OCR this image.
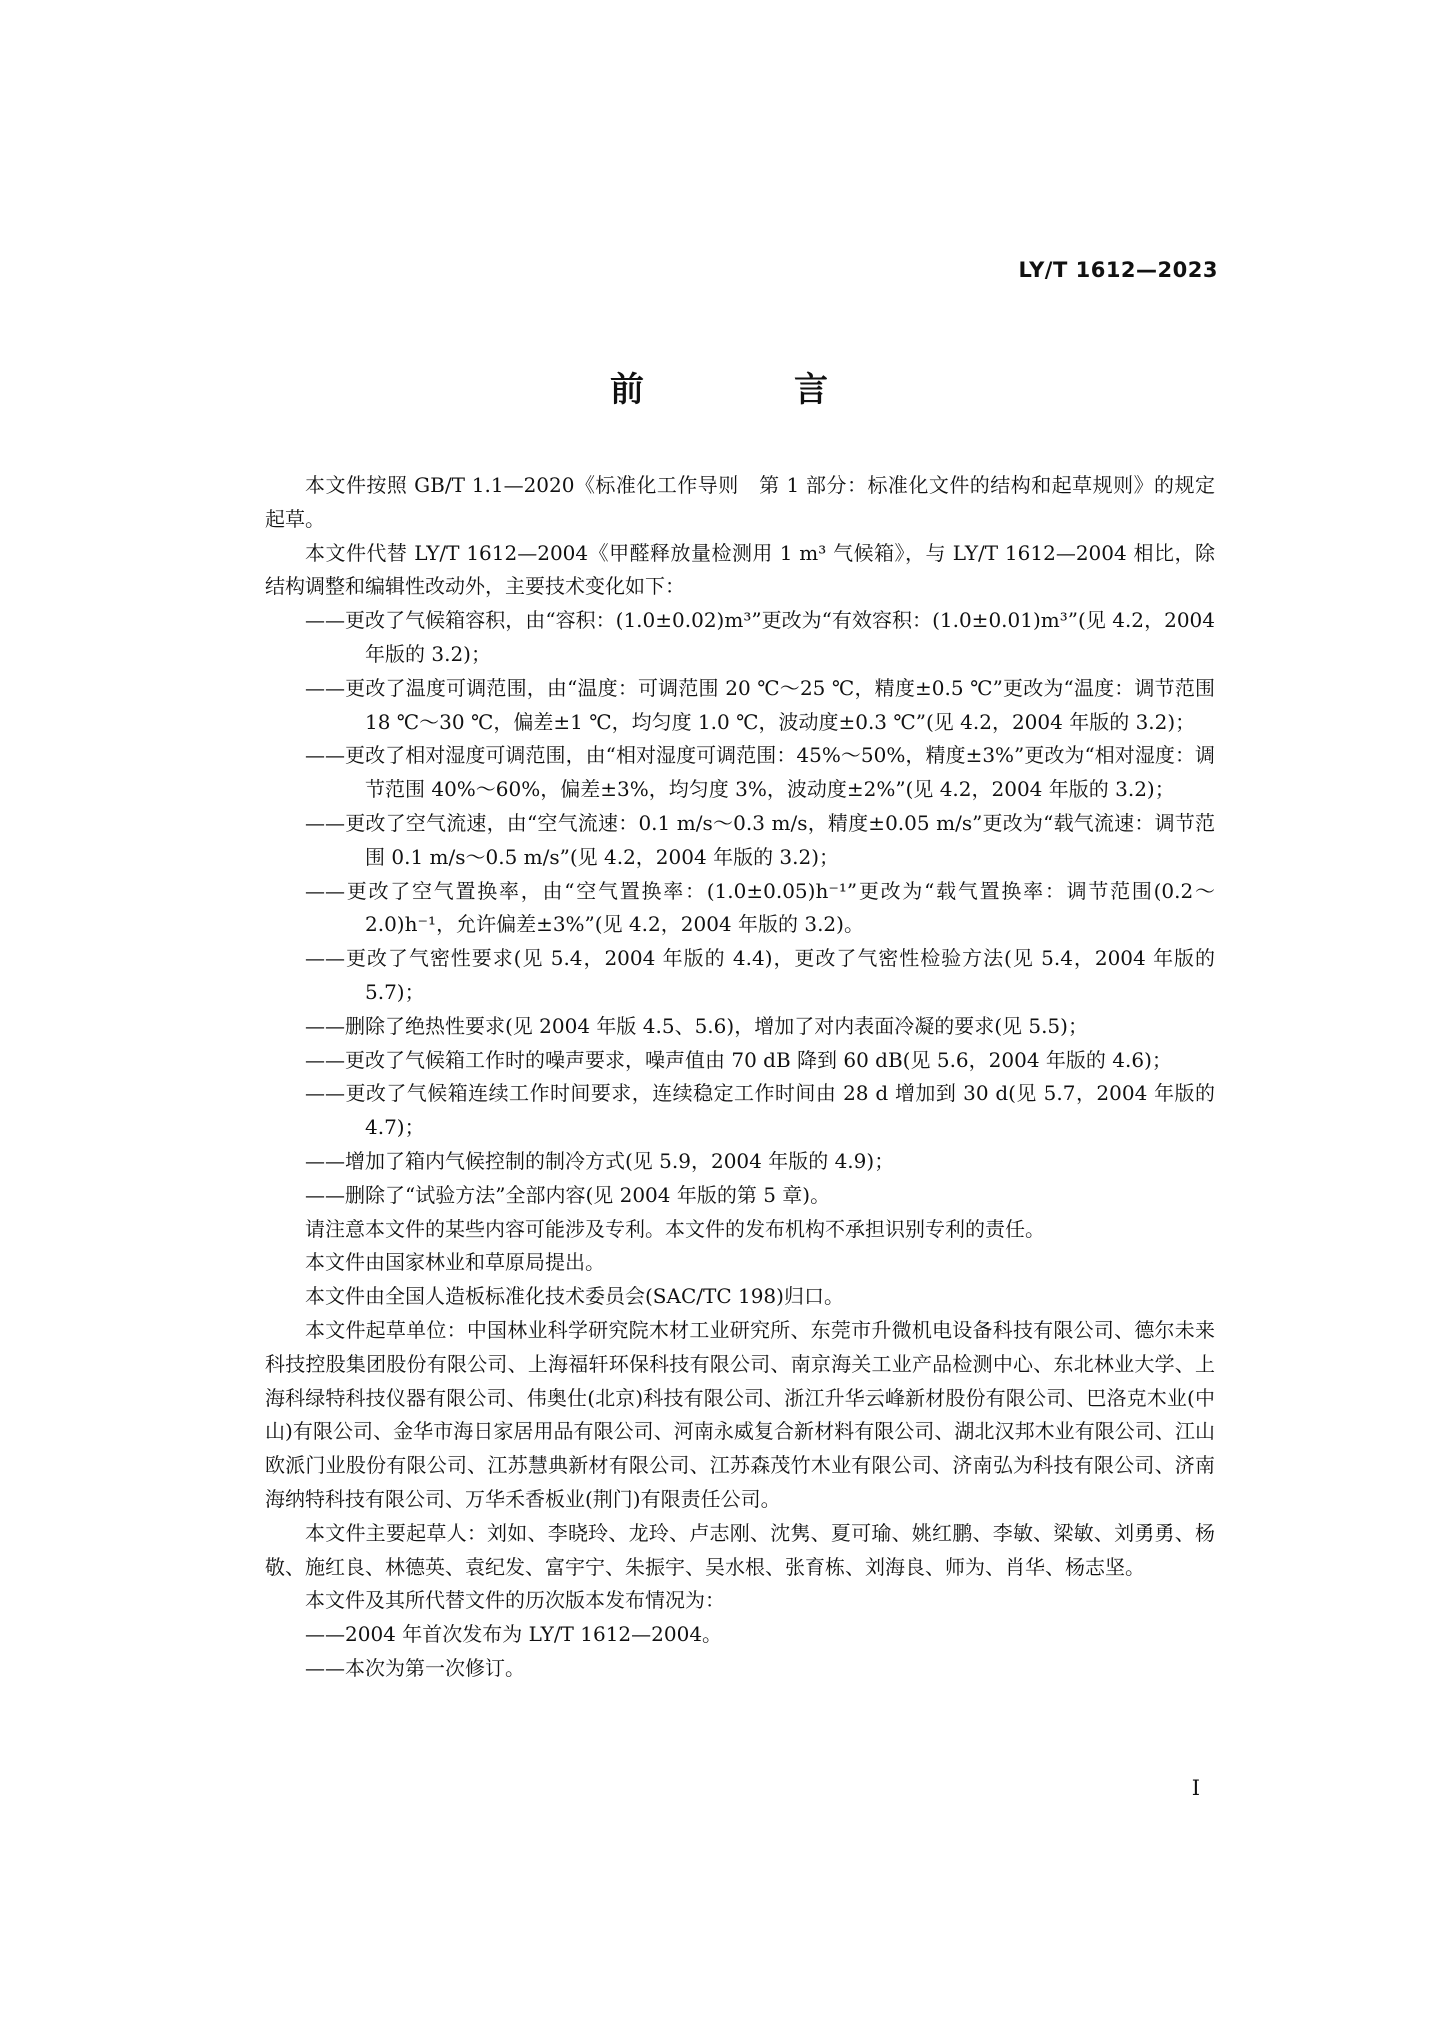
LY/T 1612—2023
前　言

本文件按照 GB/T 1.1—2020《标准化工作导则　第 1 部分：标准化文件的结构和起草规则》的规定起草。

本文件代替 LY/T 1612—2004《甲醛释放量检测用 1 m³ 气候箱》，与 LY/T 1612—2004 相比，除结构调整和编辑性改动外，主要技术变化如下：

——更改了气候箱容积，由“容积：(1.0±0.02)m³”更改为“有效容积：(1.0±0.01)m³”(见 4.2，2004 年版的 3.2)；

——更改了温度可调范围，由“温度：可调范围 20 ℃～25 ℃，精度±0.5 ℃”更改为“温度：调节范围 18 ℃～30 ℃，偏差±1 ℃，均匀度 1.0 ℃，波动度±0.3 ℃”(见 4.2，2004 年版的 3.2)；

——更改了相对湿度可调范围，由“相对湿度可调范围：45%～50%，精度±3%”更改为“相对湿度：调节范围 40%～60%，偏差±3%，均匀度 3%，波动度±2%”(见 4.2，2004 年版的 3.2)；

——更改了空气流速，由“空气流速：0.1 m/s～0.3 m/s，精度±0.05 m/s”更改为“载气流速：调节范围 0.1 m/s～0.5 m/s”(见 4.2，2004 年版的 3.2)；

——更改了空气置换率，由“空气置换率：(1.0±0.05)h⁻¹”更改为“载气置换率：调节范围(0.2～2.0)h⁻¹，允许偏差±3%”(见 4.2，2004 年版的 3.2)。

——更改了气密性要求(见 5.4，2004 年版的 4.4)，更改了气密性检验方法(见 5.4，2004 年版的 5.7)；

——删除了绝热性要求(见 2004 年版 4.5、5.6)，增加了对内表面冷凝的要求(见 5.5)；

——更改了气候箱工作时的噪声要求，噪声值由 70 dB 降到 60 dB(见 5.6，2004 年版的 4.6)；

——更改了气候箱连续工作时间要求，连续稳定工作时间由 28 d 增加到 30 d(见 5.7，2004 年版的 4.7)；

——增加了箱内气候控制的制冷方式(见 5.9，2004 年版的 4.9)；

——删除了“试验方法”全部内容(见 2004 年版的第 5 章)。

请注意本文件的某些内容可能涉及专利。本文件的发布机构不承担识别专利的责任。

本文件由国家林业和草原局提出。

本文件由全国人造板标准化技术委员会(SAC/TC 198)归口。

本文件起草单位：中国林业科学研究院木材工业研究所、东莞市升微机电设备科技有限公司、德尔未来科技控股集团股份有限公司、上海福轩环保科技有限公司、南京海关工业产品检测中心、东北林业大学、上海科绿特科技仪器有限公司、伟奥仕(北京)科技有限公司、浙江升华云峰新材股份有限公司、巴洛克木业(中山)有限公司、金华市海日家居用品有限公司、河南永威复合新材料有限公司、湖北汉邦木业有限公司、江山欧派门业股份有限公司、江苏慧典新材有限公司、江苏森茂竹木业有限公司、济南弘为科技有限公司、济南海纳特科技有限公司、万华禾香板业(荆门)有限责任公司。

本文件主要起草人：刘如、李晓玲、龙玲、卢志刚、沈隽、夏可瑜、姚红鹏、李敏、梁敏、刘勇勇、杨敬、施红良、林德英、袁纪发、富宇宁、朱振宇、吴水根、张育栋、刘海良、师为、肖华、杨志坚。

本文件及其所代替文件的历次版本发布情况为：

——2004 年首次发布为 LY/T 1612—2004。

——本次为第一次修订。

I
